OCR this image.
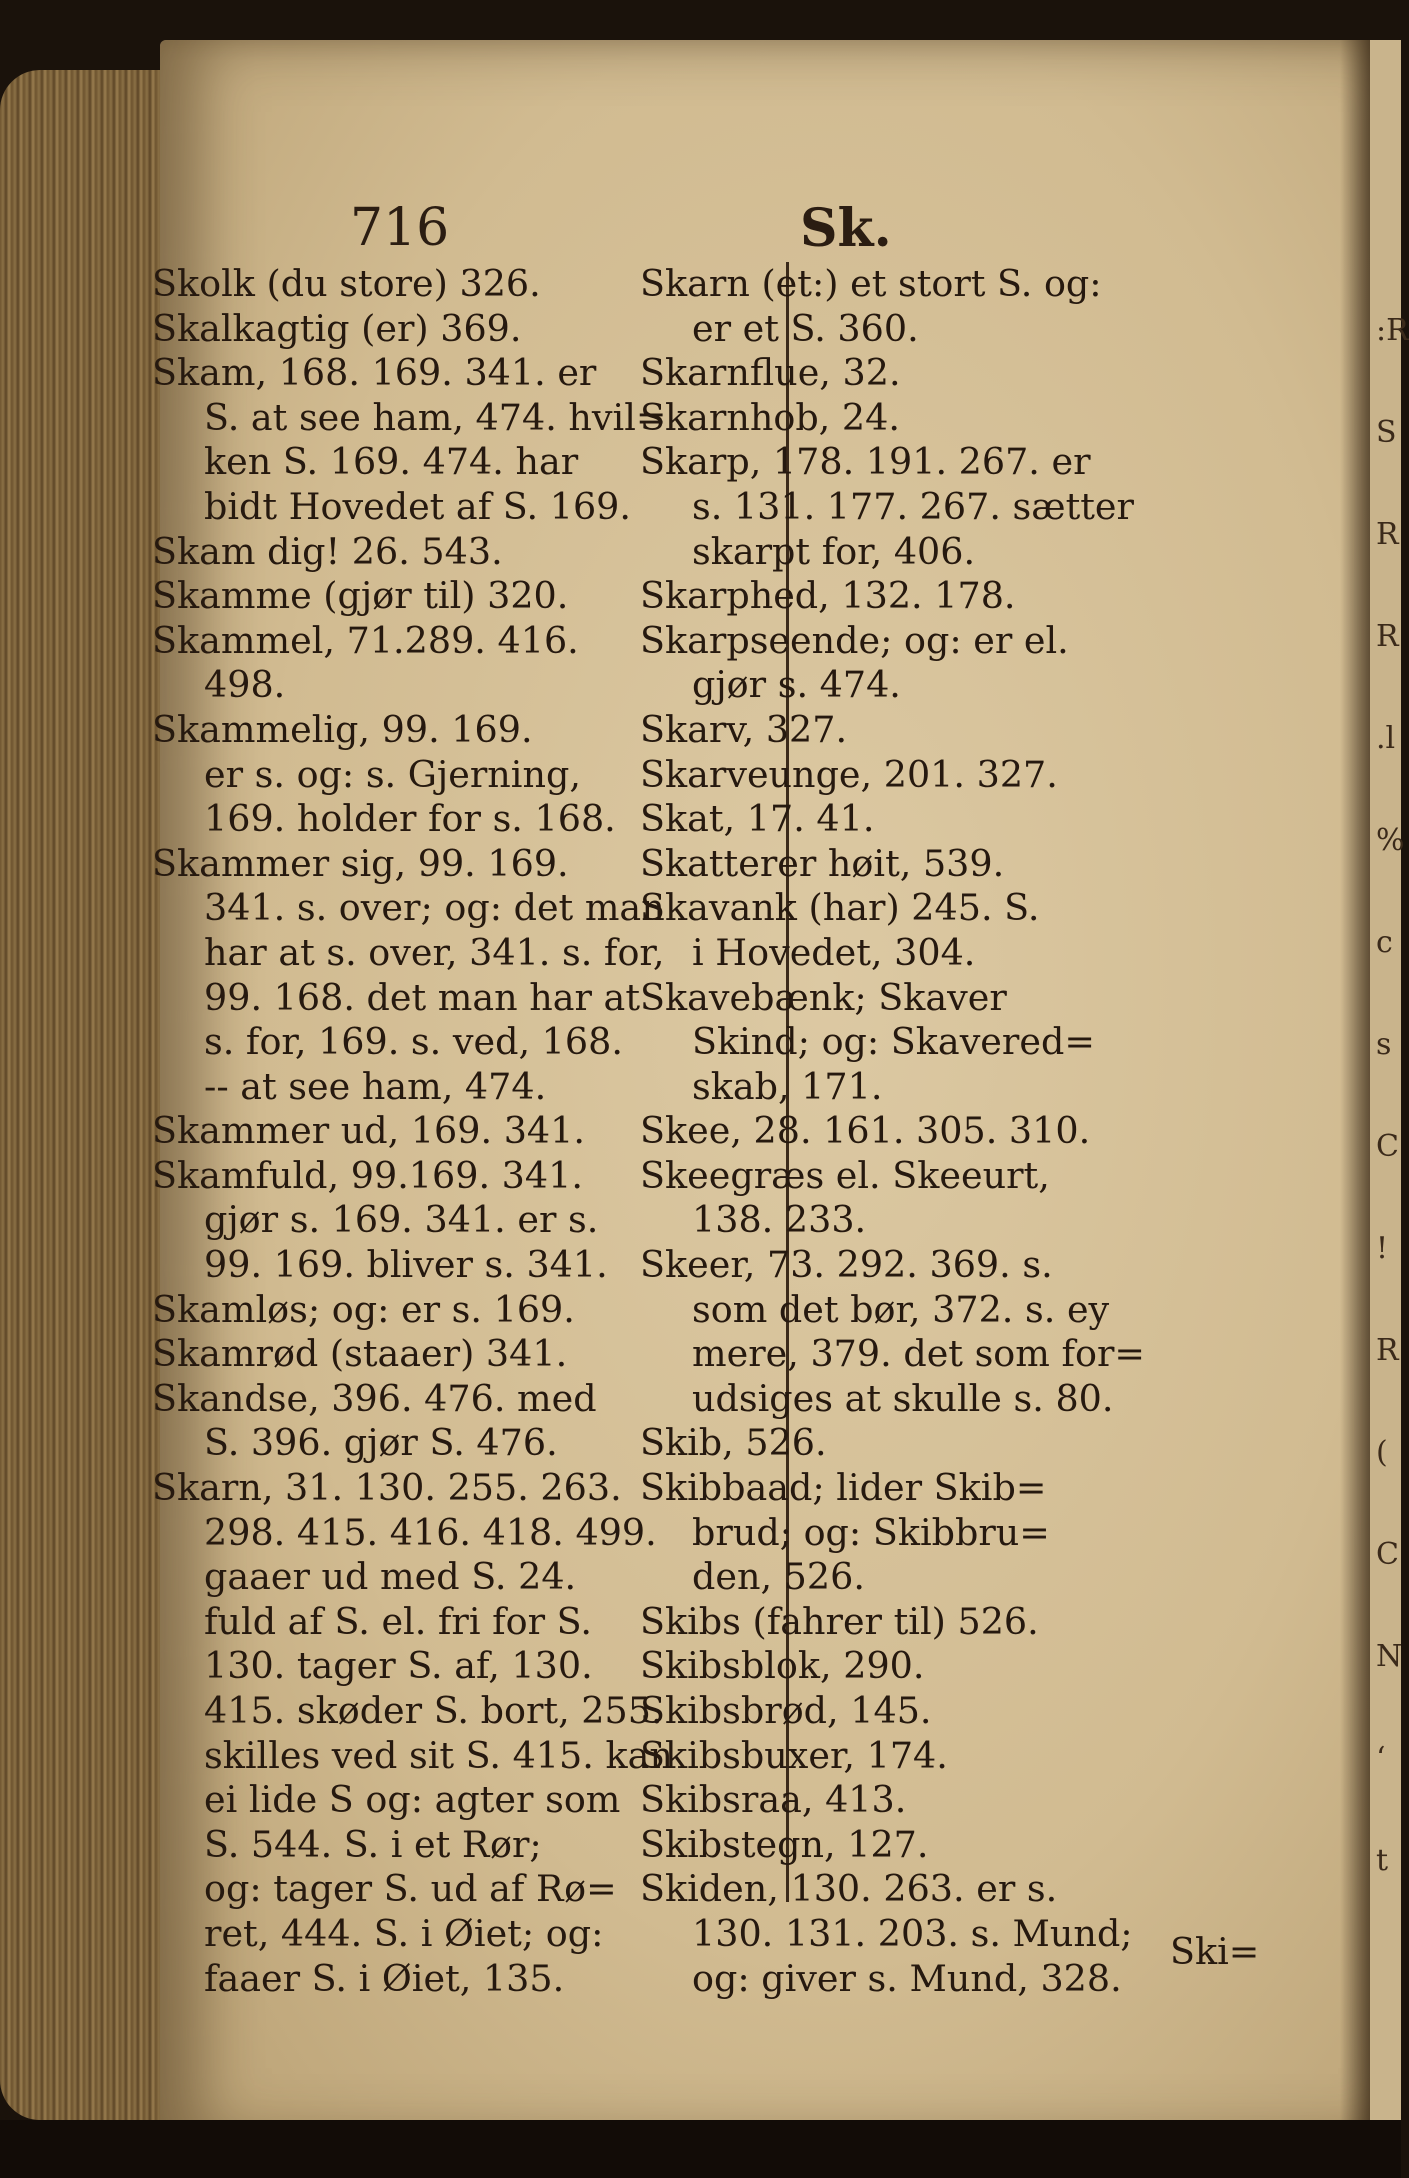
716	Sk.
Skolk (du store) 326.
Skalkagtig (er) 369.
Skam, 168. 169. 341. er
S. at see ham, 474. hvil=
ken S. 169. 474. har
bidt Hovedet af S. 169.
Skam dig! 26. 543.
Skamme (gjør til) 320.
Skammel, 71.289. 416.
498.
Skammelig, 99. 169.
er s. og: s. Gjerning,
169. holder for s. 168.
Skammer sig, 99. 169.
341. s. over; og: det man
har at s. over, 341. s. for,
99. 168. det man har at
s. for, 169. s. ved, 168.
-- at see ham, 474.
Skammer ud, 169. 341.
Skamfuld, 99.169. 341.
gjør s. 169. 341. er s.
99. 169. bliver s. 341.
Skamløs; og: er s. 169.
Skamrød (staaer) 341.
Skandse, 396. 476. med
S. 396. gjør S. 476.
Skarn, 31. 130. 255. 263.
298. 415. 416. 418. 499.
gaaer ud med S. 24.
fuld af S. el. fri for S.
130. tager S. af, 130.
415. skøder S. bort, 255.
skilles ved sit S. 415. kan
ei lide S og: agter som
S. 544. S. i et Rør;
og: tager S. ud af Rø=
ret, 444. S. i Øiet; og:
faaer S. i Øiet, 135.
Skarn (et:) et stort S. og:
er et S. 360.
Skarnflue, 32.
Skarnhob, 24.
Skarp, 178. 191. 267. er
s. 131. 177. 267. sætter
skarpt for, 406.
Skarphed, 132. 178.
Skarpseende; og: er el.
gjør s. 474.
Skarv, 327.
Skarveunge, 201. 327.
Skat, 17. 41.
Skatterer høit, 539.
Skavank (har) 245. S.
i Hovedet, 304.
Skavebænk; Skaver
Skind; og: Skavered=
skab, 171.
Skee, 28. 161. 305. 310.
Skeegræs el. Skeeurt,
138. 233.
Skeer, 73. 292. 369. s.
som det bør, 372. s. ey
mere, 379. det som for=
udsiges at skulle s. 80.
Skib, 526.
Skibbaad; lider Skib=
brud; og: Skibbru=
den, 526.
Skibs (fahrer til) 526.
Skibsblok, 290.
Skibsbrød, 145.
Skibsbuxer, 174.
Skibsraa, 413.
Skibstegn, 127.
Skiden, 130. 263. er s.
130. 131. 203. s. Mund;
og: giver s. Mund, 328.
Ski=
:R
S
R
R
.l
%
c
s
C
!
R
(
C
N
‘
t
